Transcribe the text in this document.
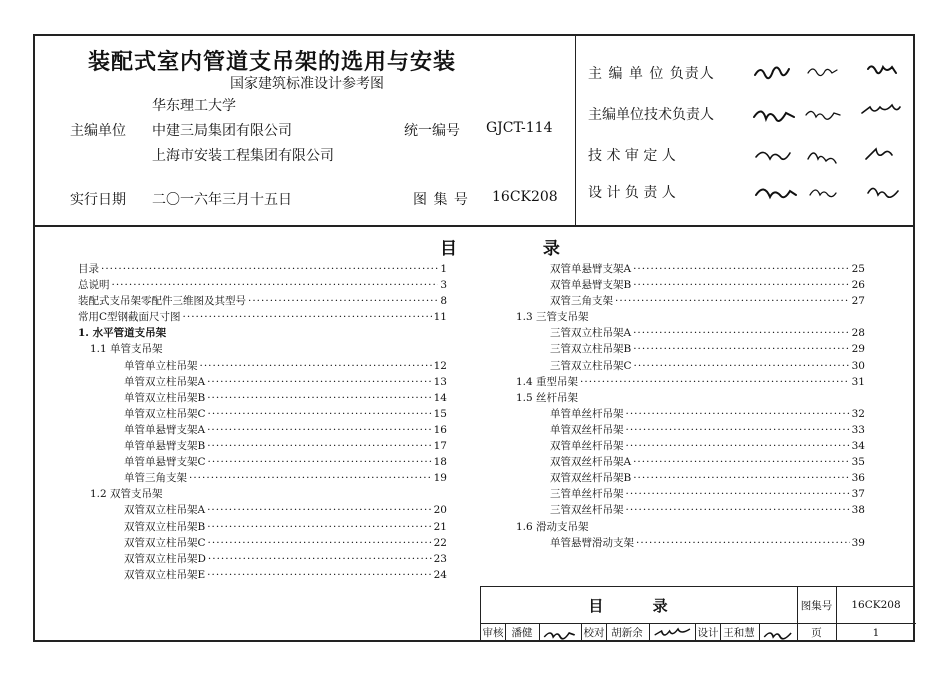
装配式室内管道支吊架的选用与安装
国家建筑标准设计参考图
华东理工大学
主编单位 中建三局集团有限公司	统一编号 GJCT-114
上海市安装工程集团有限公司
实行日期 二〇一六年三月十五日	图 集 号 16CK208
主 编 单 位 负责人
主编单位技术负责人
技 术 审 定 人
设 计 负 责 人
目 录
目录 ·····	1
总说明 ·····	3
装配式支吊架零配件三维图及其型号 ·····	8
常用C型钢截面尺寸图 ·····	11
1. 水平管道支吊架
1.1 单管支吊架
单管单立柱吊架 ·····	12
单管双立柱吊架A ·····	13
单管双立柱吊架B ·····	14
单管双立柱吊架C ·····	15
单管单悬臂支架A ·····	16
单管单悬臂支架B ·····	17
单管单悬臂支架C ·····	18
单管三角支架 ·····	19
1.2 双管支吊架
双管双立柱吊架A ·····	20
双管双立柱吊架B ·····	21
双管双立柱吊架C ·····	22
双管双立柱吊架D ·····	23
双管双立柱吊架E ·····	24
双管单悬臂支架A ·····	25
双管单悬臂支架B ·····	26
双管三角支架 ·····	27
1.3 三管支吊架
三管双立柱吊架A ·····	28
三管双立柱吊架B ·····	29
三管双立柱吊架C ·····	30
1.4 重型吊架 ·····	31
1.5 丝杆吊架
单管单丝杆吊架 ·····	32
单管双丝杆吊架 ·····	33
双管单丝杆吊架 ·····	34
双管双丝杆吊架A ·····	35
双管双丝杆吊架B ·····	36
三管单丝杆吊架 ·····	37
三管双丝杆吊架 ·····	38
1.6 滑动支吊架
单管悬臂滑动支架 ·····	39
目 录	图集号	16CK208
审核 潘健	校对 胡新余	设计 王和慧	页	1
